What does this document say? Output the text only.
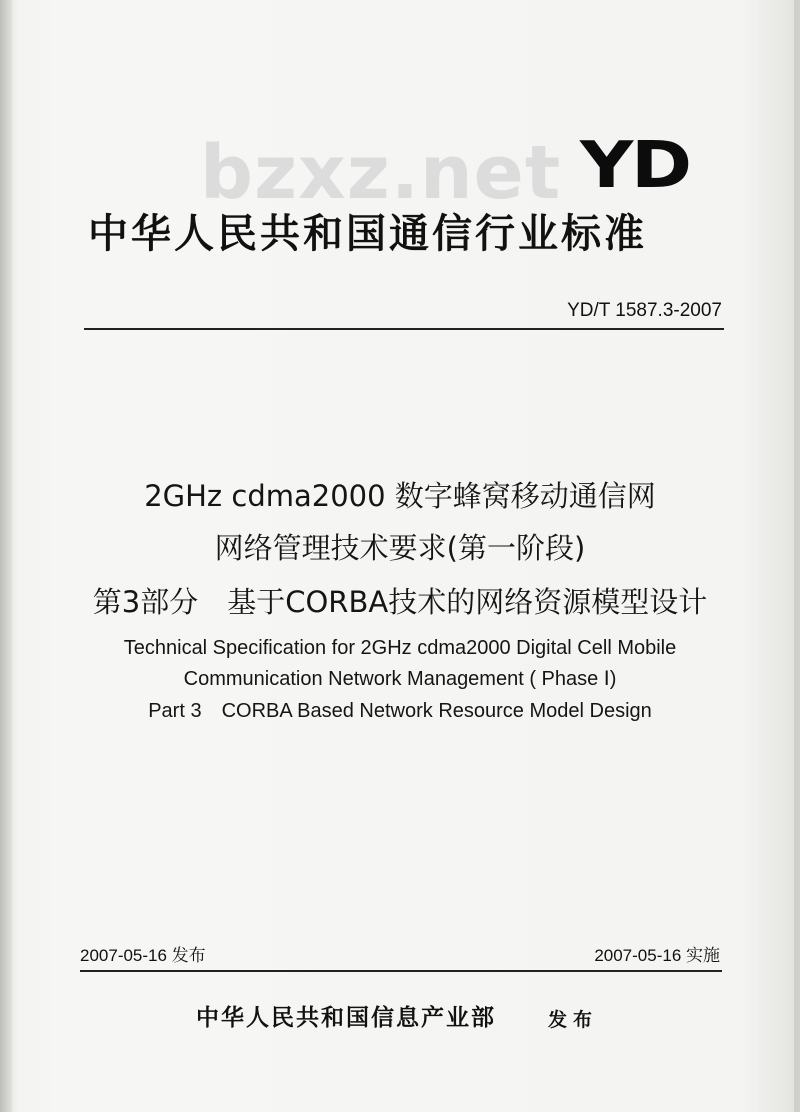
bzxz.net YD
中华人民共和国通信行业标准
YD/T 1587.3-2007
2GHz cdma2000 数字蜂窝移动通信网
网络管理技术要求(第一阶段)
第3部分　基于CORBA技术的网络资源模型设计
Technical Specification for 2GHz cdma2000 Digital Cell Mobile
Communication Network Management ( Phase Ⅰ)
Part 3　CORBA Based Network Resource Model Design
2007-05-16 发布	2007-05-16 实施
中华人民共和国信息产业部	发布
